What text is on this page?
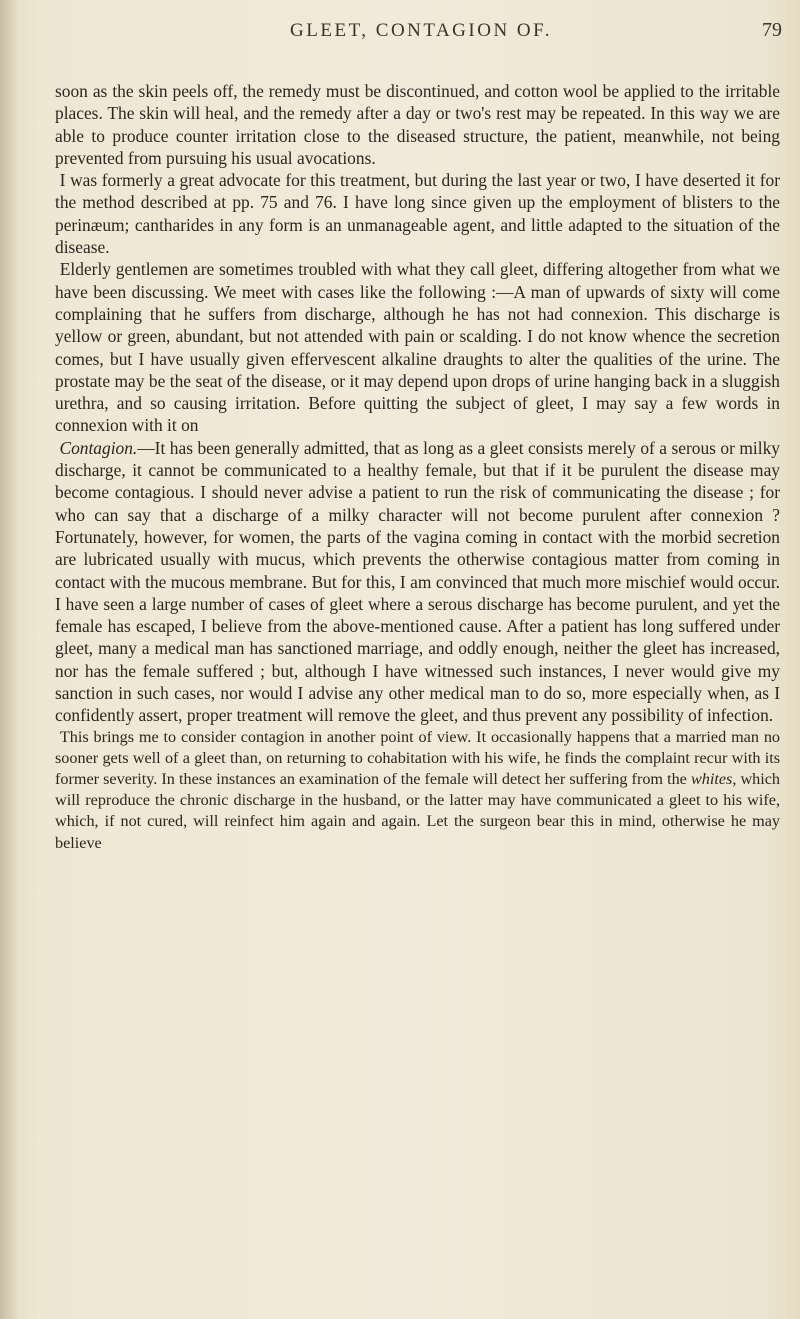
GLEET, CONTAGION OF.	79

soon as the skin peels off, the remedy must be discontinued, and cotton wool be applied to the irritable places. The skin will heal, and the remedy after a day or two's rest may be repeated. In this way we are able to produce counter irritation close to the diseased structure, the patient, meanwhile, not being prevented from pursuing his usual avocations.

I was formerly a great advocate for this treatment, but during the last year or two, I have deserted it for the method described at pp. 75 and 76. I have long since given up the employment of blisters to the perinæum; cantharides in any form is an unmanageable agent, and little adapted to the situation of the disease.

Elderly gentlemen are sometimes troubled with what they call gleet, differing altogether from what we have been discussing. We meet with cases like the following :—A man of upwards of sixty will come complaining that he suffers from discharge, although he has not had connexion. This discharge is yellow or green, abundant, but not attended with pain or scalding. I do not know whence the secretion comes, but I have usually given effervescent alkaline draughts to alter the qualities of the urine. The prostate may be the seat of the disease, or it may depend upon drops of urine hanging back in a sluggish urethra, and so causing irritation. Before quitting the subject of gleet, I may say a few words in connexion with it on

Contagion.—It has been generally admitted, that as long as a gleet consists merely of a serous or milky discharge, it cannot be communicated to a healthy female, but that if it be purulent the disease may become contagious. I should never advise a patient to run the risk of communicating the disease ; for who can say that a discharge of a milky character will not become purulent after connexion ? Fortunately, however, for women, the parts of the vagina coming in contact with the morbid secretion are lubricated usually with mucus, which prevents the otherwise contagious matter from coming in contact with the mucous membrane. But for this, I am convinced that much more mischief would occur. I have seen a large number of cases of gleet where a serous discharge has become purulent, and yet the female has escaped, I believe from the above-mentioned cause. After a patient has long suffered under gleet, many a medical man has sanctioned marriage, and oddly enough, neither the gleet has increased, nor has the female suffered ; but, although I have witnessed such instances, I never would give my sanction in such cases, nor would I advise any other medical man to do so, more especially when, as I confidently assert, proper treatment will remove the gleet, and thus prevent any possibility of infection.

This brings me to consider contagion in another point of view. It occasionally happens that a married man no sooner gets well of a gleet than, on returning to cohabitation with his wife, he finds the complaint recur with its former severity. In these instances an examination of the female will detect her suffering from the whites, which will reproduce the chronic discharge in the husband, or the latter may have communicated a gleet to his wife, which, if not cured, will reinfect him again and again. Let the surgeon bear this in mind, otherwise he may believe
